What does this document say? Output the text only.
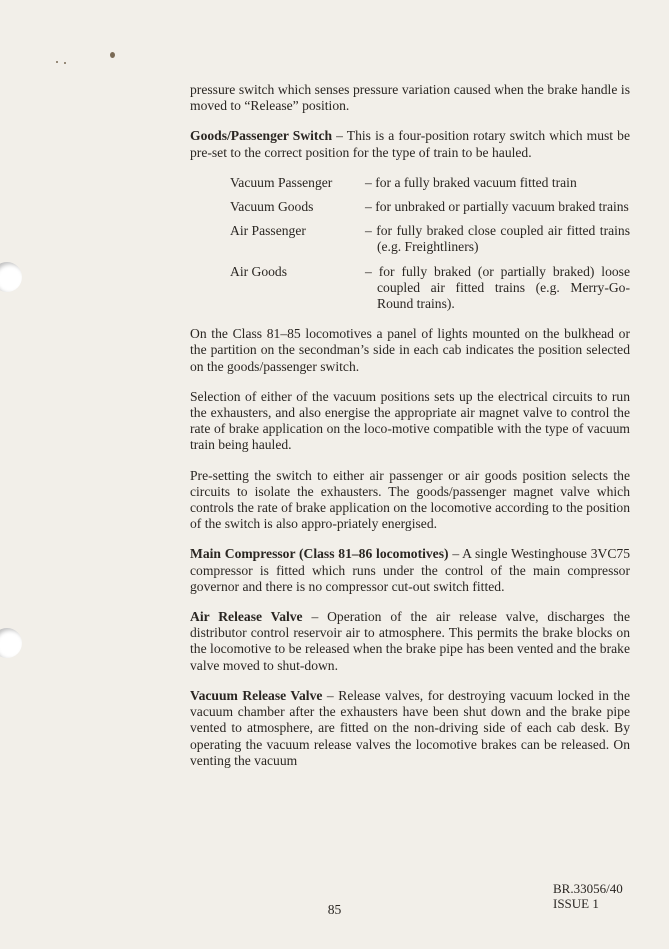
pressure switch which senses pressure variation caused when the brake handle is moved to “Release” position.

Goods/Passenger Switch – This is a four-position rotary switch which must be pre-set to the correct position for the type of train to be hauled.

Vacuum Passenger	– for a fully braked vacuum fitted train
Vacuum Goods	– for unbraked or partially vacuum braked trains
Air Passenger	– for fully braked close coupled air fitted trains (e.g. Freightliners)
Air Goods	– for fully braked (or partially braked) loose coupled air fitted trains (e.g. Merry-Go-Round trains).

On the Class 81–85 locomotives a panel of lights mounted on the bulkhead or the partition on the secondman’s side in each cab indicates the position selected on the goods/passenger switch.

Selection of either of the vacuum positions sets up the electrical circuits to run the exhausters, and also energise the appropriate air magnet valve to control the rate of brake application on the loco-motive compatible with the type of vacuum train being hauled.

Pre-setting the switch to either air passenger or air goods position selects the circuits to isolate the exhausters. The goods/passenger magnet valve which controls the rate of brake application on the locomotive according to the position of the switch is also appro-priately energised.

Main Compressor (Class 81–86 locomotives) – A single Westinghouse 3VC75 compressor is fitted which runs under the control of the main compressor governor and there is no compressor cut-out switch fitted.

Air Release Valve – Operation of the air release valve, discharges the distributor control reservoir air to atmosphere. This permits the brake blocks on the locomotive to be released when the brake pipe has been vented and the brake valve moved to shut-down.

Vacuum Release Valve – Release valves, for destroying vacuum locked in the vacuum chamber after the exhausters have been shut down and the brake pipe vented to atmosphere, are fitted on the non-driving side of each cab desk. By operating the vacuum release valves the locomotive brakes can be released. On venting the vacuum

85
BR.33056/40
ISSUE 1
